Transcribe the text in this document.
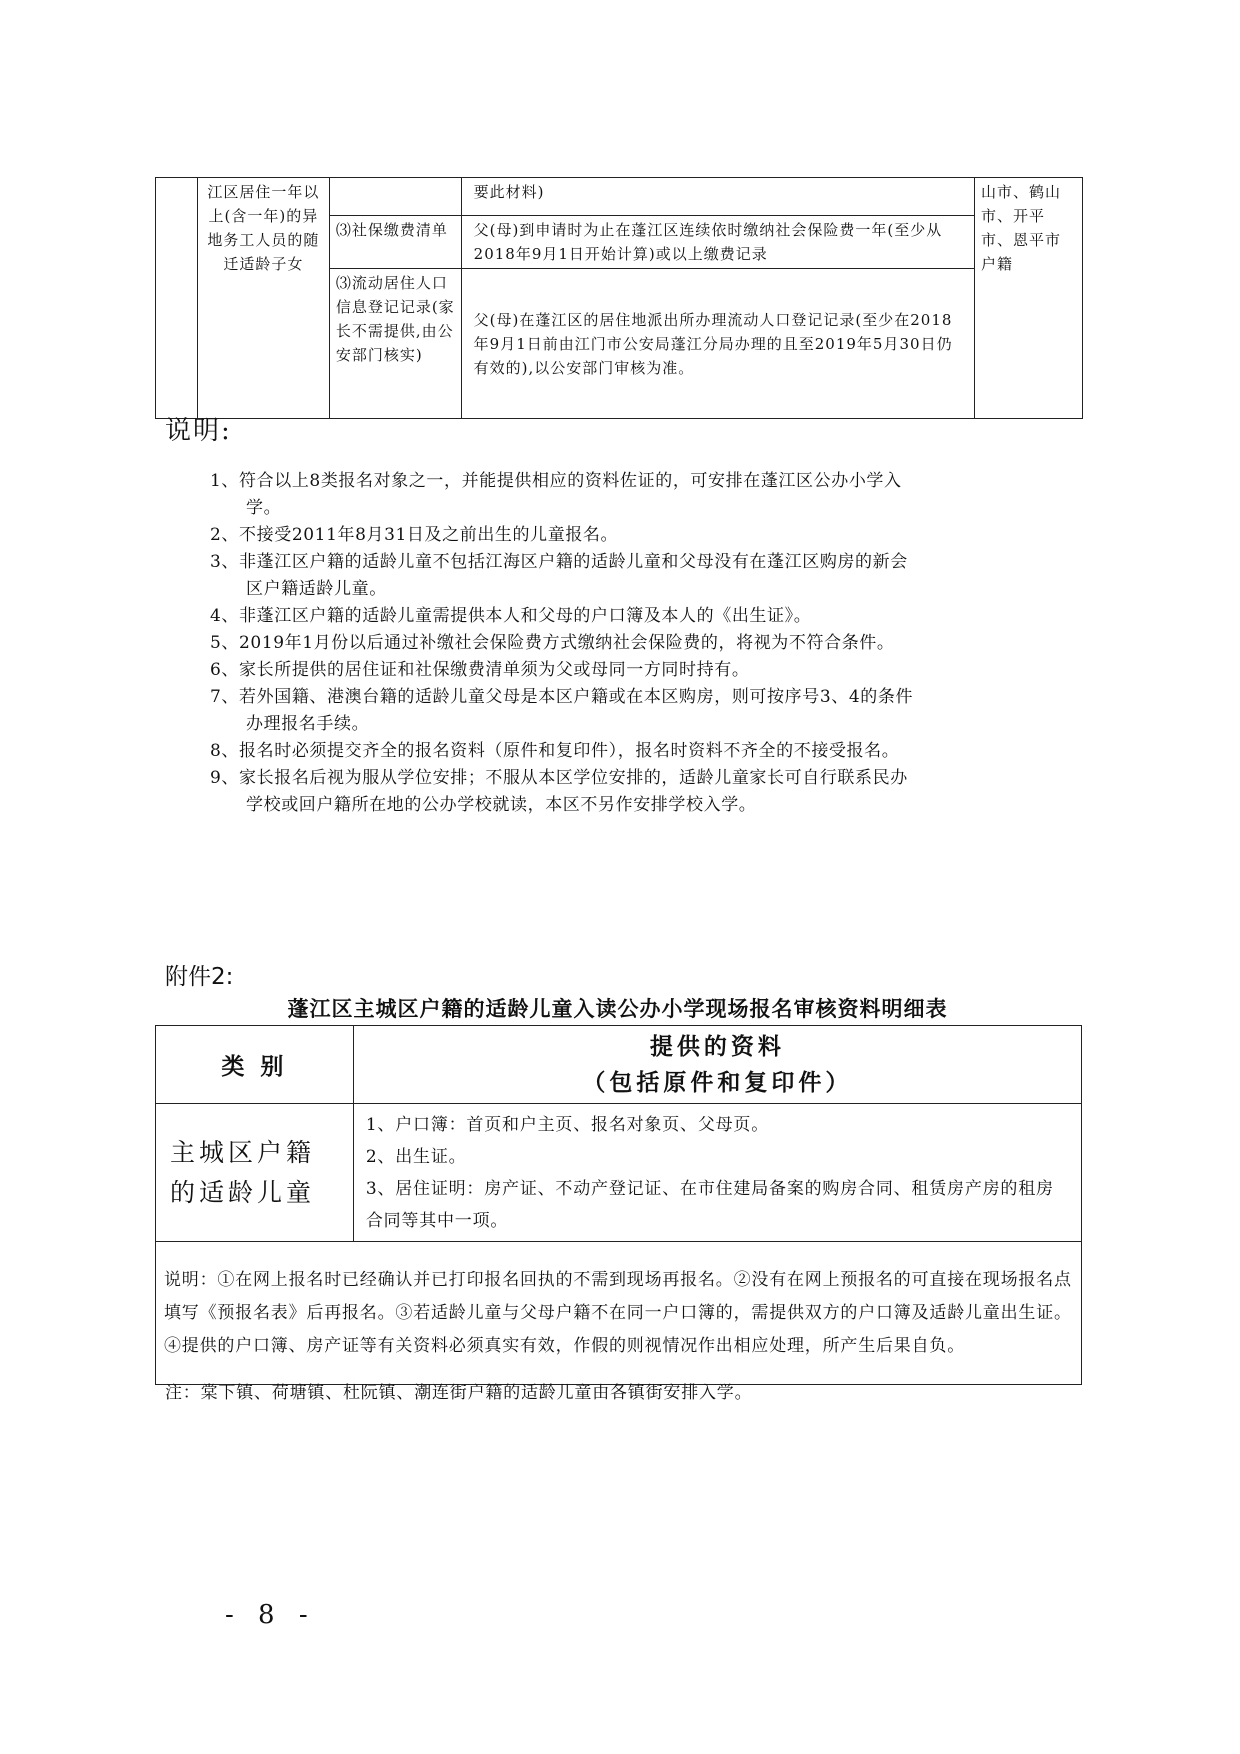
	江区居住一年以上(含一年)的异地务工人员的随迁适龄子女		要此材料)	山市、鹤山市、开平市、恩平市户籍
		⑶社保缴费清单	父(母)到申请时为止在蓬江区连续依时缴纳社会保险费一年(至少从2018年9月1日开始计算)或以上缴费记录	
		⑶流动居住人口信息登记记录(家长不需提供,由公安部门核实)	父(母)在蓬江区的居住地派出所办理流动人口登记记录(至少在2018年9月1日前由江门市公安局蓬江分局办理的且至2019年5月30日仍有效的),以公安部门审核为准。	
说明:
1、符合以上8类报名对象之一，并能提供相应的资料佐证的，可安排在蓬江区公办小学入
学。
2、不接受2011年8月31日及之前出生的儿童报名。
3、非蓬江区户籍的适龄儿童不包括江海区户籍的适龄儿童和父母没有在蓬江区购房的新会
区户籍适龄儿童。
4、非蓬江区户籍的适龄儿童需提供本人和父母的户口簿及本人的《出生证》。
5、2019年1月份以后通过补缴社会保险费方式缴纳社会保险费的，将视为不符合条件。
6、家长所提供的居住证和社保缴费清单须为父或母同一方同时持有。
7、若外国籍、港澳台籍的适龄儿童父母是本区户籍或在本区购房，则可按序号3、4的条件
办理报名手续。
8、报名时必须提交齐全的报名资料（原件和复印件），报名时资料不齐全的不接受报名。
9、家长报名后视为服从学位安排；不服从本区学位安排的，适龄儿童家长可自行联系民办
学校或回户籍所在地的公办学校就读，本区不另作安排学校入学。
附件2:
蓬江区主城区户籍的适龄儿童入读公办小学现场报名审核资料明细表
类 别	提供的资料
（包括原件和复印件）

主城区户籍的适龄儿童	1、户口簿：首页和户主页、报名对象页、父母页。
2、出生证。
3、居住证明：房产证、不动产登记证、在市住建局备案的购房合同、租赁房产房的租房合同等其中一项。

说明：①在网上报名时已经确认并已打印报名回执的不需到现场再报名。②没有在网上预报名的可直接在现场报名点填写《预报名表》后再报名。③若适龄儿童与父母户籍不在同一户口簿的，需提供双方的户口簿及适龄儿童出生证。④提供的户口簿、房产证等有关资料必须真实有效，作假的则视情况作出相应处理，所产生后果自负。	
注：棠下镇、荷塘镇、杜阮镇、潮连街户籍的适龄儿童由各镇街安排入学。
- 8 -
